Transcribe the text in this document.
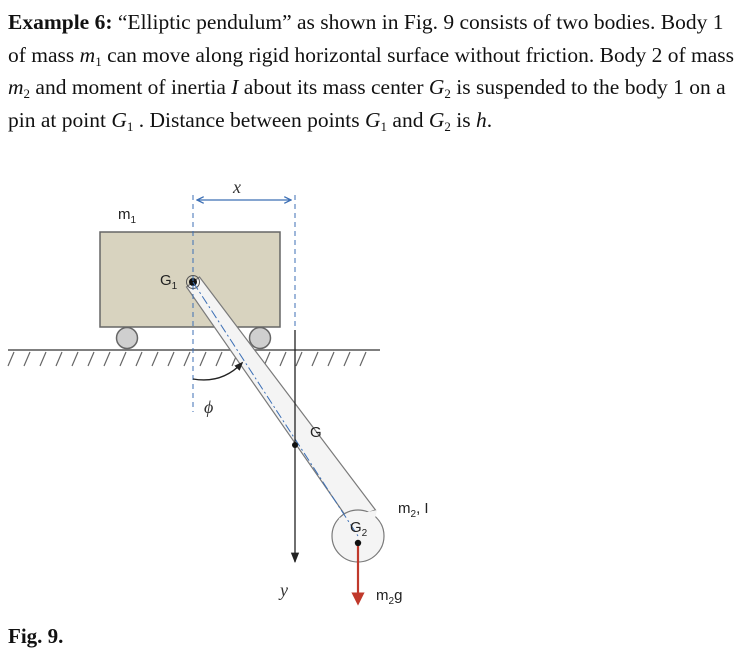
Example 6: “Elliptic pendulum” as shown in Fig. 9 consists of two bodies. Body 1 of mass $m_1$ can move along rigid horizontal surface without friction. Body 2 of mass $m_2$ and moment of inertia I about its mass center $G_2$ is suspended to the body 1 on a pin at point $G_1$ . Distance between points $G_1$ and $G_2$ is h.
x
y
G
ϕ
$m_1$
$G_1$
$G_2$
$m_2$, I
$m_2g$
Fig. 9.
